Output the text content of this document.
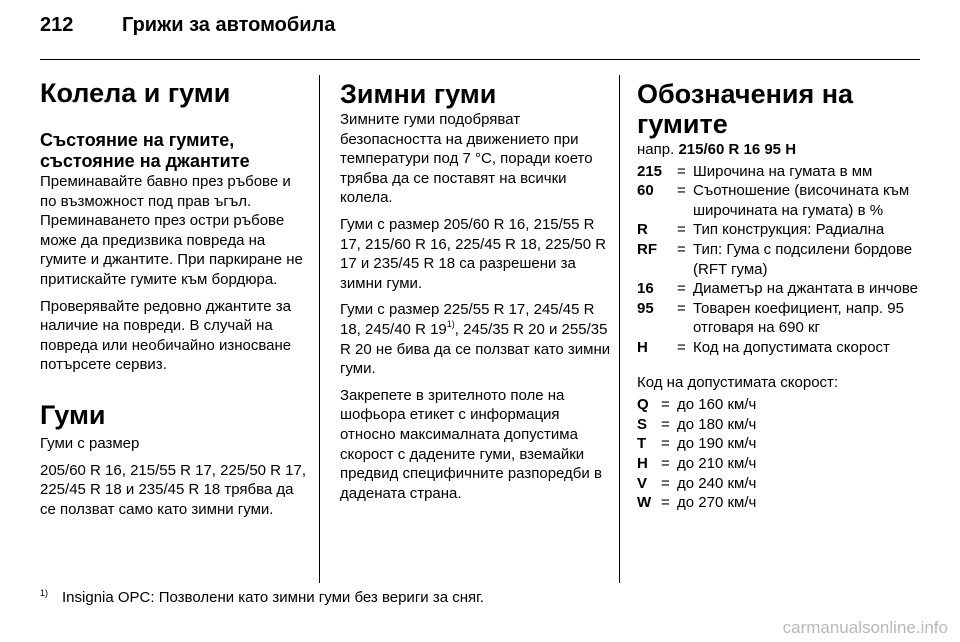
212 Грижи за автомобила
Колела и гуми
Състояние на гумите, състояние на джантите

Преминавайте бавно през ръбове и по възможност под прав ъгъл. Преминаването през остри ръбове може да предизвика повреда на гумите и джантите. При паркиране не притискайте гумите към бордюра.

Проверявайте редовно джантите за наличие на повреди. В случай на повреда или необичайно износване потърсете сервиз.

Гуми

Гуми с размер

205/60 R 16, 215/55 R 17, 225/50 R 17, 225/45 R 18 и 235/45 R 18 трябва да се ползват само като зимни гуми.

Зимни гуми

Зимните гуми подобряват безопасността на движението при температури под 7 °C, поради което трябва да се поставят на всички колела.

Гуми с размер 205/60 R 16, 215/55 R 17, 215/60 R 16, 225/45 R 18, 225/50 R 17 и 235/45 R 18 са разрешени за зимни гуми.

Гуми с размер 225/55 R 17, 245/45 R 18, 245/40 R 19$^{1)}$, 245/35 R 20 и 255/35 R 20 не бива да се ползват като зимни гуми.

Закрепете в зрителното поле на шофьора етикет с информация относно максималната допустима скорост с дадените гуми, вземайки предвид специфичните разпоредби в дадената страна.

Обозначения на гумите

напр. 215/60 R 16 95 H

215	=	Широчина на гумата в мм
60	=	Съотношение (височината към широчината на гумата) в %
R	=	Тип конструкция: Радиална
RF	=	Тип: Гума с подсилени бордове (RFT гума)
16	=	Диаметър на джантата в инчове
95	=	Товарен коефициент, напр. 95 отговаря на 690 кг
H	=	Код на допустимата скорост

Код на допустимата скорост:

Q	=	до 160 км/ч
S	=	до 180 км/ч
T	=	до 190 км/ч
H	=	до 210 км/ч
V	=	до 240 км/ч
W	=	до 270 км/ч
$^{1)}$ Insignia OPC: Позволени като зимни гуми без вериги за сняг.
carmanualsonline.info
